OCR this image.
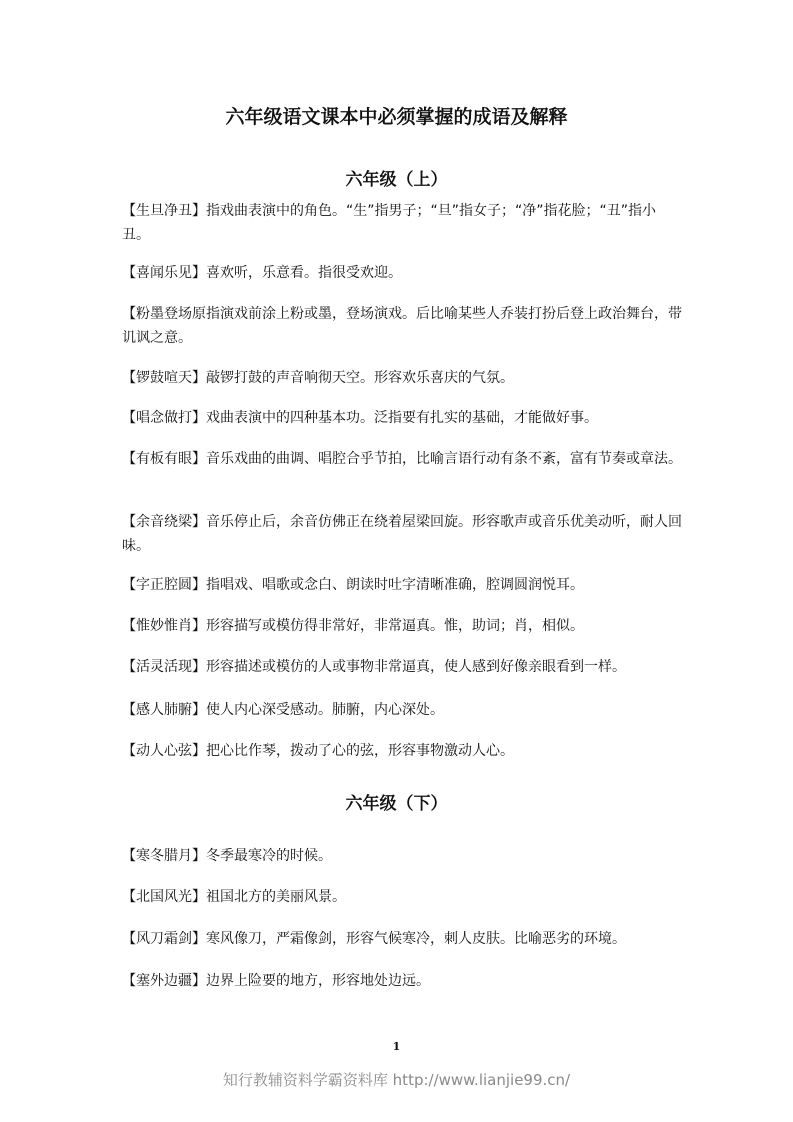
六年级语文课本中必须掌握的成语及解释
六年级（上）

【生旦净丑】指戏曲表演中的角色。“生”指男子；“旦”指女子；“净”指花脸；“丑”指小丑。

【喜闻乐见】喜欢听，乐意看。指很受欢迎。

【粉墨登场原指演戏前涂上粉或墨，登场演戏。后比喻某些人乔装打扮后登上政治舞台，带讥讽之意。

【锣鼓喧天】敲锣打鼓的声音响彻天空。形容欢乐喜庆的气氛。

【唱念做打】戏曲表演中的四种基本功。泛指要有扎实的基础，才能做好事。

【有板有眼】音乐戏曲的曲调、唱腔合乎节拍，比喻言语行动有条不紊，富有节奏或章法。

【余音绕梁】音乐停止后，余音仿佛正在绕着屋梁回旋。形容歌声或音乐优美动听，耐人回味。

【字正腔圆】指唱戏、唱歌或念白、朗读时吐字清晰准确，腔调圆润悦耳。

【惟妙惟肖】形容描写或模仿得非常好，非常逼真。惟，助词；肖，相似。

【活灵活现】形容描述或模仿的人或事物非常逼真，使人感到好像亲眼看到一样。

【感人肺腑】使人内心深受感动。肺腑，内心深处。

【动人心弦】把心比作琴，拨动了心的弦，形容事物激动人心。

六年级（下）

【寒冬腊月】冬季最寒冷的时候。

【北国风光】祖国北方的美丽风景。

【风刀霜剑】寒风像刀，严霜像剑，形容气候寒冷，刺人皮肤。比喻恶劣的环境。

【塞外边疆】边界上险要的地方，形容地处边远。

1
知行教辅资料学霸资料库 http://www.lianjie99.cn/
